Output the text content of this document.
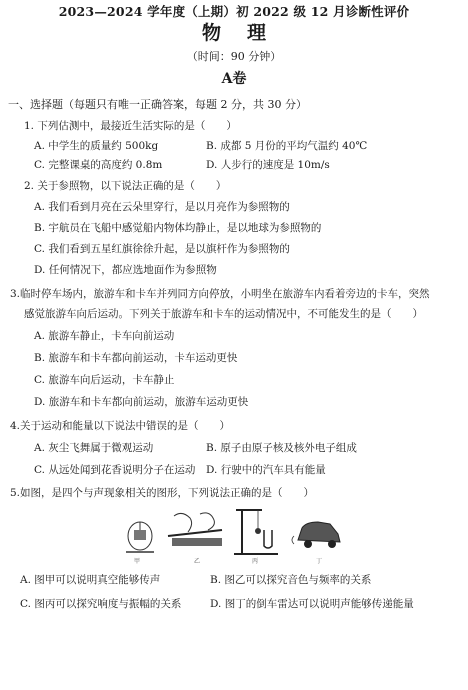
2023—2024 学年度（上期）初 2022 级 12 月诊断性评价
物理
（时间：90 分钟）
A卷
一、选择题（每题只有唯一正确答案，每题 2 分，共 30 分）
1. 下列估测中，最接近生活实际的是（　　）
A. 中学生的质量约 500kg	B. 成都 5 月份的平均气温约 40℃
C. 完整课桌的高度约 0.8m	D. 人步行的速度是 10m/s
2. 关于参照物，以下说法正确的是（　　）
A. 我们看到月亮在云朵里穿行，是以月亮作为参照物的
B. 宇航员在飞船中感觉船内物体均静止，是以地球为参照物的
C. 我们看到五星红旗徐徐升起，是以旗杆作为参照物的
D. 任何情况下，都应选地面作为参照物
3.临时停车场内，旅游车和卡车并列同方向停放，小明坐在旅游车内看着旁边的卡车，突然
感觉旅游车向后运动。下列关于旅游车和卡车的运动情况中，不可能发生的是（　　）
A. 旅游车静止，卡车向前运动
B. 旅游车和卡车都向前运动，卡车运动更快
C. 旅游车向后运动，卡车静止
D. 旅游车和卡车都向前运动，旅游车运动更快
4.关于运动和能量以下说法中错误的是（　　）
A. 灰尘飞舞属于微观运动	B. 原子由原子核及核外电子组成
C. 从远处闻到花香说明分子在运动 D. 行驶中的汽车具有能量
5.如图，是四个与声现象相关的图形，下列说法正确的是（　　）
甲	乙	丙	丁
A. 图甲可以说明真空能够传声	B. 图乙可以探究音色与频率的关系
C. 图丙可以探究响度与振幅的关系	D. 图丁的倒车雷达可以说明声能够传递能量
